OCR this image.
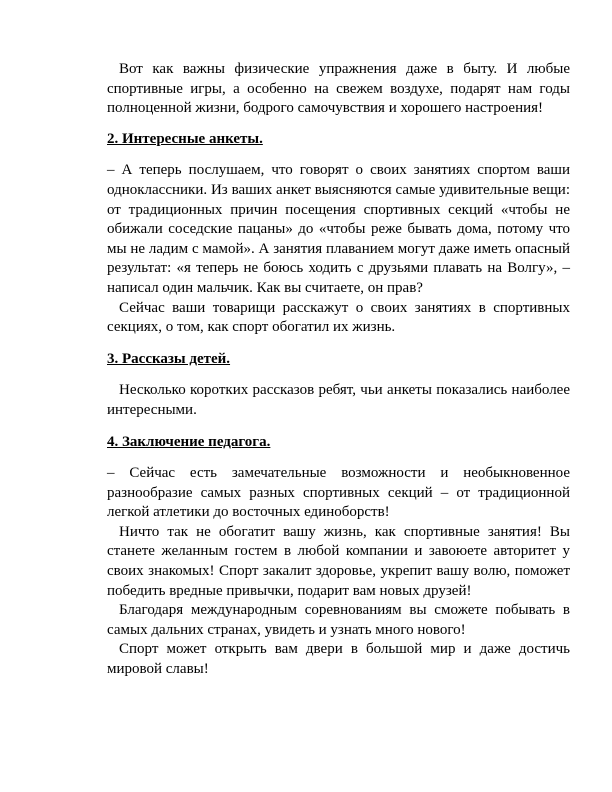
Вот как важны физические упражнения даже в быту. И любые спортивные игры, а особенно на свежем воздухе, подарят нам годы полноценной жизни, бодрого самочувствия и хорошего настроения!

2. Интересные анкеты.

– А теперь послушаем, что говорят о своих занятиях спортом ваши одноклассники. Из ваших анкет выясняются самые удивительные вещи: от традиционных причин посещения спортивных секций «чтобы не обижали соседские пацаны» до «чтобы реже бывать дома, потому что мы не ладим с мамой». А занятия плаванием могут даже иметь опасный результат: «я теперь не боюсь ходить с друзьями плавать на Волгу», – написал один мальчик. Как вы считаете, он прав?

Сейчас ваши товарищи расскажут о своих занятиях в спортивных секциях, о том, как спорт обогатил их жизнь.

3. Рассказы детей.

Несколько коротких рассказов ребят, чьи анкеты показались наиболее интересными.

4. Заключение педагога.

– Сейчас есть замечательные возможности и необыкновенное разнообразие самых разных спортивных секций – от традиционной легкой атлетики до восточных единоборств!

Ничто так не обогатит вашу жизнь, как спортивные занятия! Вы станете желанным гостем в любой компании и завоюете авторитет у своих знакомых! Спорт закалит здоровье, укрепит вашу волю, поможет победить вредные привычки, подарит вам новых друзей!

Благодаря международным соревнованиям вы сможете побывать в самых дальних странах, увидеть и узнать много нового!

Спорт может открыть вам двери в большой мир и даже достичь мировой славы!
